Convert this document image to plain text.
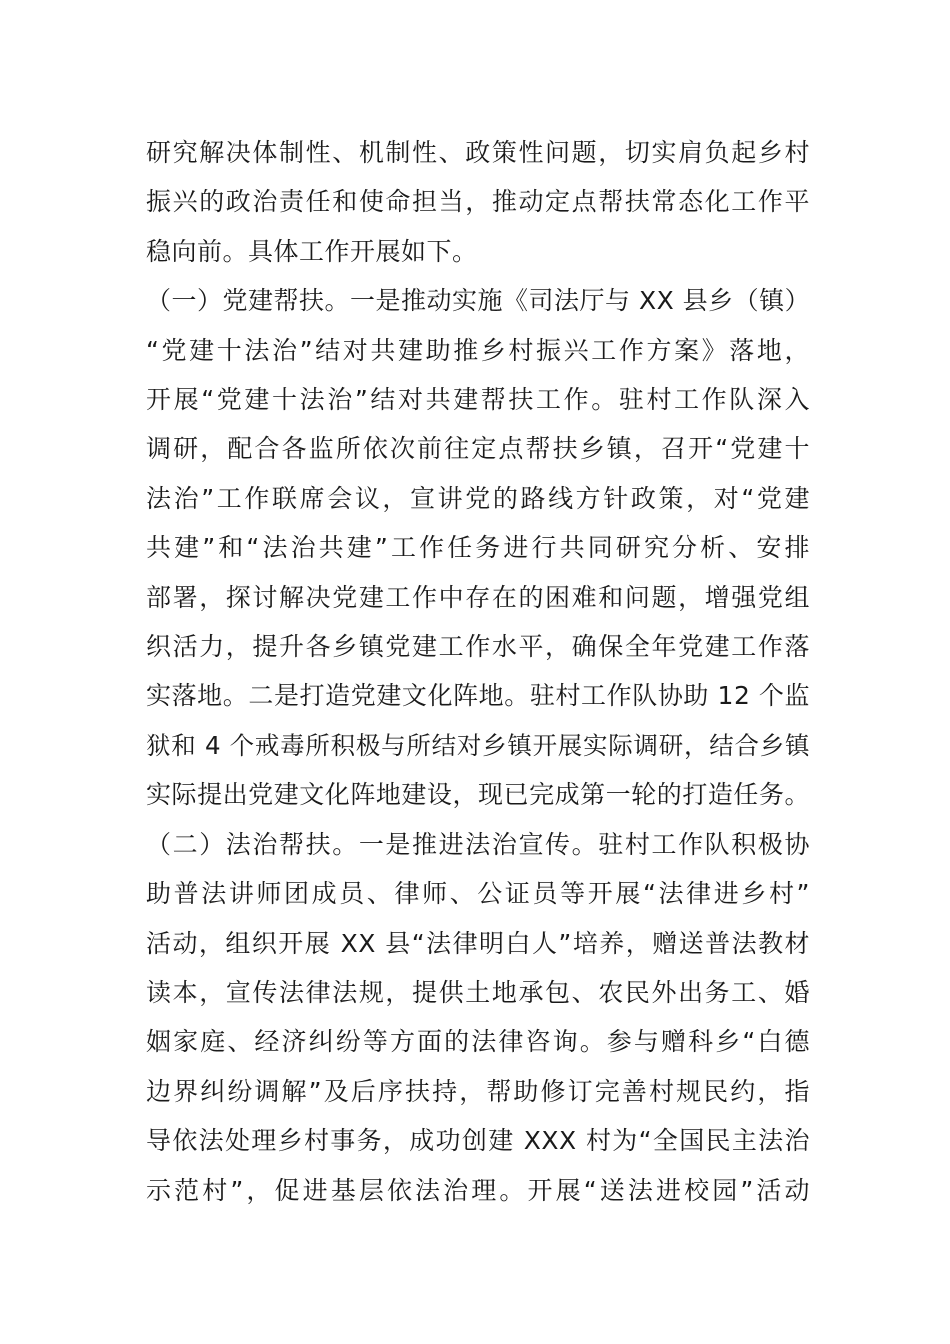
研究解决体制性、机制性、政策性问题，切实肩负起乡村
振兴的政治责任和使命担当，推动定点帮扶常态化工作平
稳向前。具体工作开展如下。
（一）党建帮扶。一是推动实施《司法厅与 XX 县乡（镇）
“党建十法治”结对共建助推乡村振兴工作方案》落地，
开展“党建十法治”结对共建帮扶工作。驻村工作队深入
调研，配合各监所依次前往定点帮扶乡镇，召开“党建十
法治”工作联席会议，宣讲党的路线方针政策，对“党建
共建”和“法治共建”工作任务进行共同研究分析、安排
部署，探讨解决党建工作中存在的困难和问题，增强党组
织活力，提升各乡镇党建工作水平，确保全年党建工作落
实落地。二是打造党建文化阵地。驻村工作队协助 12 个监
狱和 4 个戒毒所积极与所结对乡镇开展实际调研，结合乡镇
实际提出党建文化阵地建设，现已完成第一轮的打造任务。
（二）法治帮扶。一是推进法治宣传。驻村工作队积极协
助普法讲师团成员、律师、公证员等开展“法律进乡村”
活动，组织开展 XX 县“法律明白人”培养，赠送普法教材
读本，宣传法律法规，提供土地承包、农民外出务工、婚
姻家庭、经济纠纷等方面的法律咨询。参与赠科乡“白德
边界纠纷调解”及后序扶持，帮助修订完善村规民约，指
导依法处理乡村事务，成功创建 XXX 村为“全国民主法治
示范村”，促进基层依法治理。开展“送法进校园”活动
